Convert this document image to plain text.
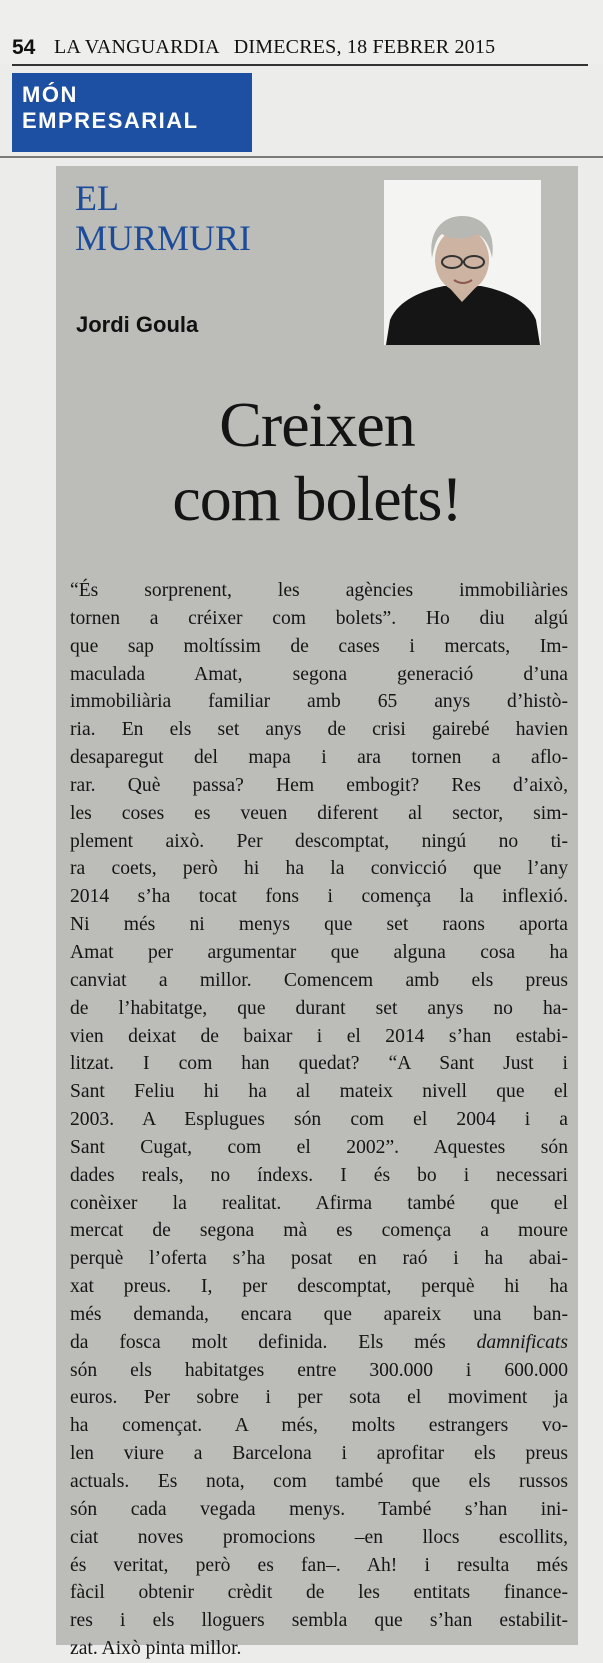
54 LA VANGUARDIA DIMECRES, 18 FEBRER 2015
MÓN
EMPRESARIAL
EL
MURMURI
Jordi Goula
Creixen
com bolets!
“És sorprenent, les agències immobiliàries
tornen a créixer com bolets”. Ho diu algú
que sap moltíssim de cases i mercats, Im-
maculada Amat, segona generació d’una
immobiliària familiar amb 65 anys d’histò-
ria. En els set anys de crisi gairebé havien
desaparegut del mapa i ara tornen a aflo-
rar. Què passa? Hem embogit? Res d’això,
les coses es veuen diferent al sector, sim-
plement això. Per descomptat, ningú no ti-
ra coets, però hi ha la convicció que l’any
2014 s’ha tocat fons i comença la inflexió.
Ni més ni menys que set raons aporta
Amat per argumentar que alguna cosa ha
canviat a millor. Comencem amb els preus
de l’habitatge, que durant set anys no ha-
vien deixat de baixar i el 2014 s’han estabi-
litzat. I com han quedat? “A Sant Just i
Sant Feliu hi ha al mateix nivell que el
2003. A Esplugues són com el 2004 i a
Sant Cugat, com el 2002”. Aquestes són
dades reals, no índexs. I és bo i necessari
conèixer la realitat. Afirma també que el
mercat de segona mà es comença a moure
perquè l’oferta s’ha posat en raó i ha abai-
xat preus. I, per descomptat, perquè hi ha
més demanda, encara que apareix una ban-
da fosca molt definida. Els més damnificats
són els habitatges entre 300.000 i 600.000
euros. Per sobre i per sota el moviment ja
ha començat. A més, molts estrangers vo-
len viure a Barcelona i aprofitar els preus
actuals. Es nota, com també que els russos
són cada vegada menys. També s’han ini-
ciat noves promocions –en llocs escollits,
és veritat, però es fan–. Ah! i resulta més
fàcil obtenir crèdit de les entitats finance-
res i els lloguers sembla que s’han estabilit-
zat. Això pinta millor.
